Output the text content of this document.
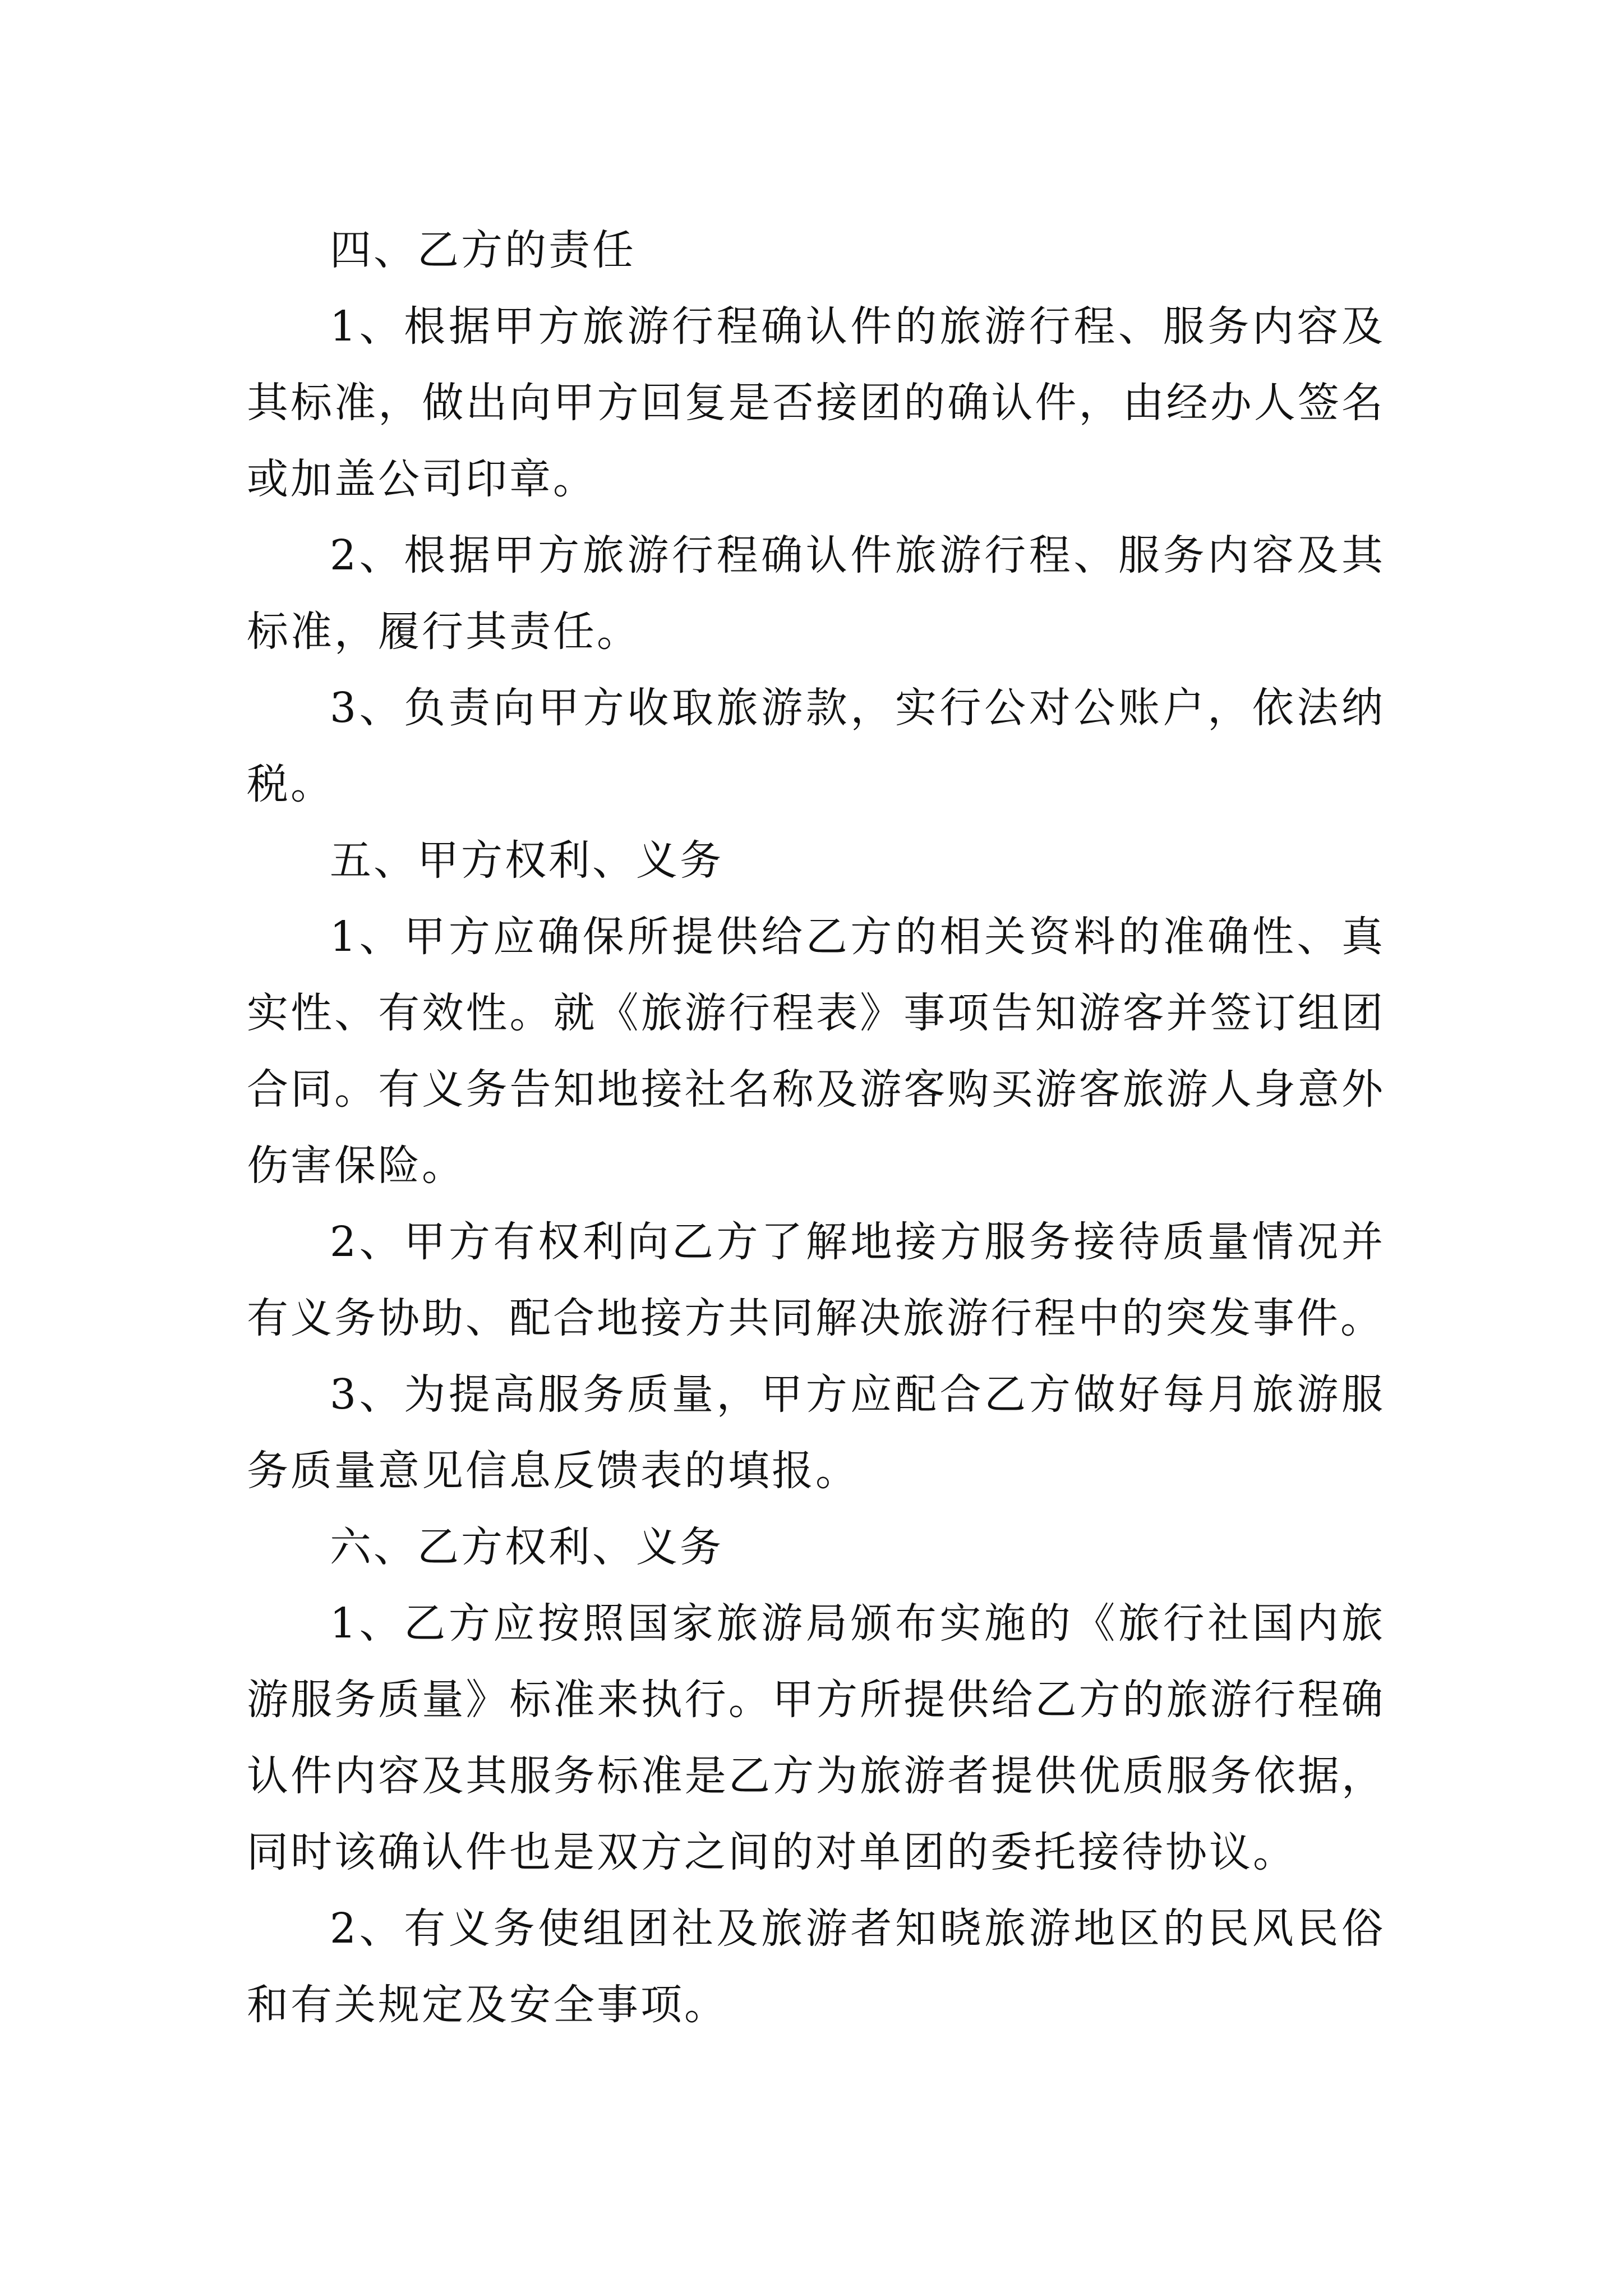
四、乙方的责任

1、根据甲方旅游行程确认件的旅游行程、服务内容及其标准，做出向甲方回复是否接团的确认件，由经办人签名或加盖公司印章。

2、根据甲方旅游行程确认件旅游行程、服务内容及其标准，履行其责任。

3、负责向甲方收取旅游款，实行公对公账户，依法纳税。

五、甲方权利、义务

1、甲方应确保所提供给乙方的相关资料的准确性、真实性、有效性。就《旅游行程表》事项告知游客并签订组团合同。有义务告知地接社名称及游客购买游客旅游人身意外伤害保险。

2、甲方有权利向乙方了解地接方服务接待质量情况并有义务协助、配合地接方共同解决旅游行程中的突发事件。

3、为提高服务质量，甲方应配合乙方做好每月旅游服务质量意见信息反馈表的填报。

六、乙方权利、义务

1、乙方应按照国家旅游局颁布实施的《旅行社国内旅游服务质量》标准来执行。甲方所提供给乙方的旅游行程确认件内容及其服务标准是乙方为旅游者提供优质服务依据，同时该确认件也是双方之间的对单团的委托接待协议。

2、有义务使组团社及旅游者知晓旅游地区的民风民俗和有关规定及安全事项。
